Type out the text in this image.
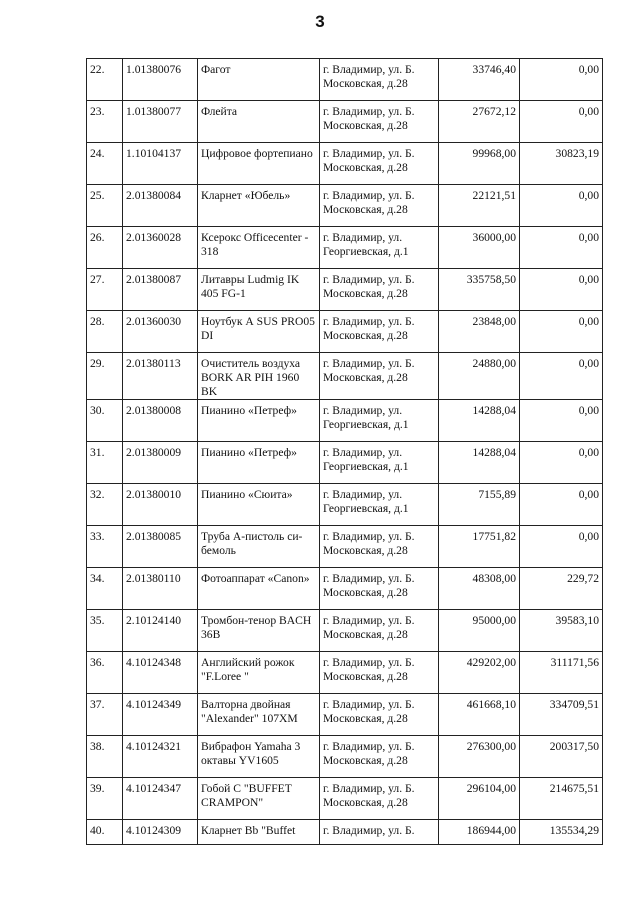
3
22.	1.01380076	Фагот	г. Владимир, ул. Б. Московская, д.28	33746,40	0,00
23.	1.01380077	Флейта	г. Владимир, ул. Б. Московская, д.28	27672,12	0,00
24.	1.10104137	Цифровое фортепиано	г. Владимир, ул. Б. Московская, д.28	99968,00	30823,19
25.	2.01380084	Кларнет «Юбель»	г. Владимир, ул. Б. Московская, д.28	22121,51	0,00
26.	2.01360028	Ксерокс Officecenter - 318	г. Владимир, ул. Георгиевская, д.1	36000,00	0,00
27.	2.01380087	Литавры Ludmig IK 405 FG-1	г. Владимир, ул. Б. Московская, д.28	335758,50	0,00
28.	2.01360030	Ноутбук А SUS PRO05 DI	г. Владимир, ул. Б. Московская, д.28	23848,00	0,00
29.	2.01380113	Очиститель воздуха BORK AR PIH 1960 BK	г. Владимир, ул. Б. Московская, д.28	24880,00	0,00
30.	2.01380008	Пианино «Петреф»	г. Владимир, ул. Георгиевская, д.1	14288,04	0,00
31.	2.01380009	Пианино «Петреф»	г. Владимир, ул. Георгиевская, д.1	14288,04	0,00
32.	2.01380010	Пианино «Сюита»	г. Владимир, ул. Георгиевская, д.1	7155,89	0,00
33.	2.01380085	Труба А-пистоль си-бемоль	г. Владимир, ул. Б. Московская, д.28	17751,82	0,00
34.	2.01380110	Фотоаппарат «Canon»	г. Владимир, ул. Б. Московская, д.28	48308,00	229,72
35.	2.10124140	Тромбон-тенор BACH 36B	г. Владимир, ул. Б. Московская, д.28	95000,00	39583,10
36.	4.10124348	Английский рожок "F.Loree "	г. Владимир, ул. Б. Московская, д.28	429202,00	311171,56
37.	4.10124349	Валторна двойная "Alexander" 107ХМ	г. Владимир, ул. Б. Московская, д.28	461668,10	334709,51
38.	4.10124321	Вибрафон Yamaha 3 октавы YV1605	г. Владимир, ул. Б. Московская, д.28	276300,00	200317,50
39.	4.10124347	Гобой С "BUFFET CRAMPON"	г. Владимир, ул. Б. Московская, д.28	296104,00	214675,51
40.	4.10124309	Кларнет Bb "Buffet	г. Владимир, ул. Б.	186944,00	135534,29
